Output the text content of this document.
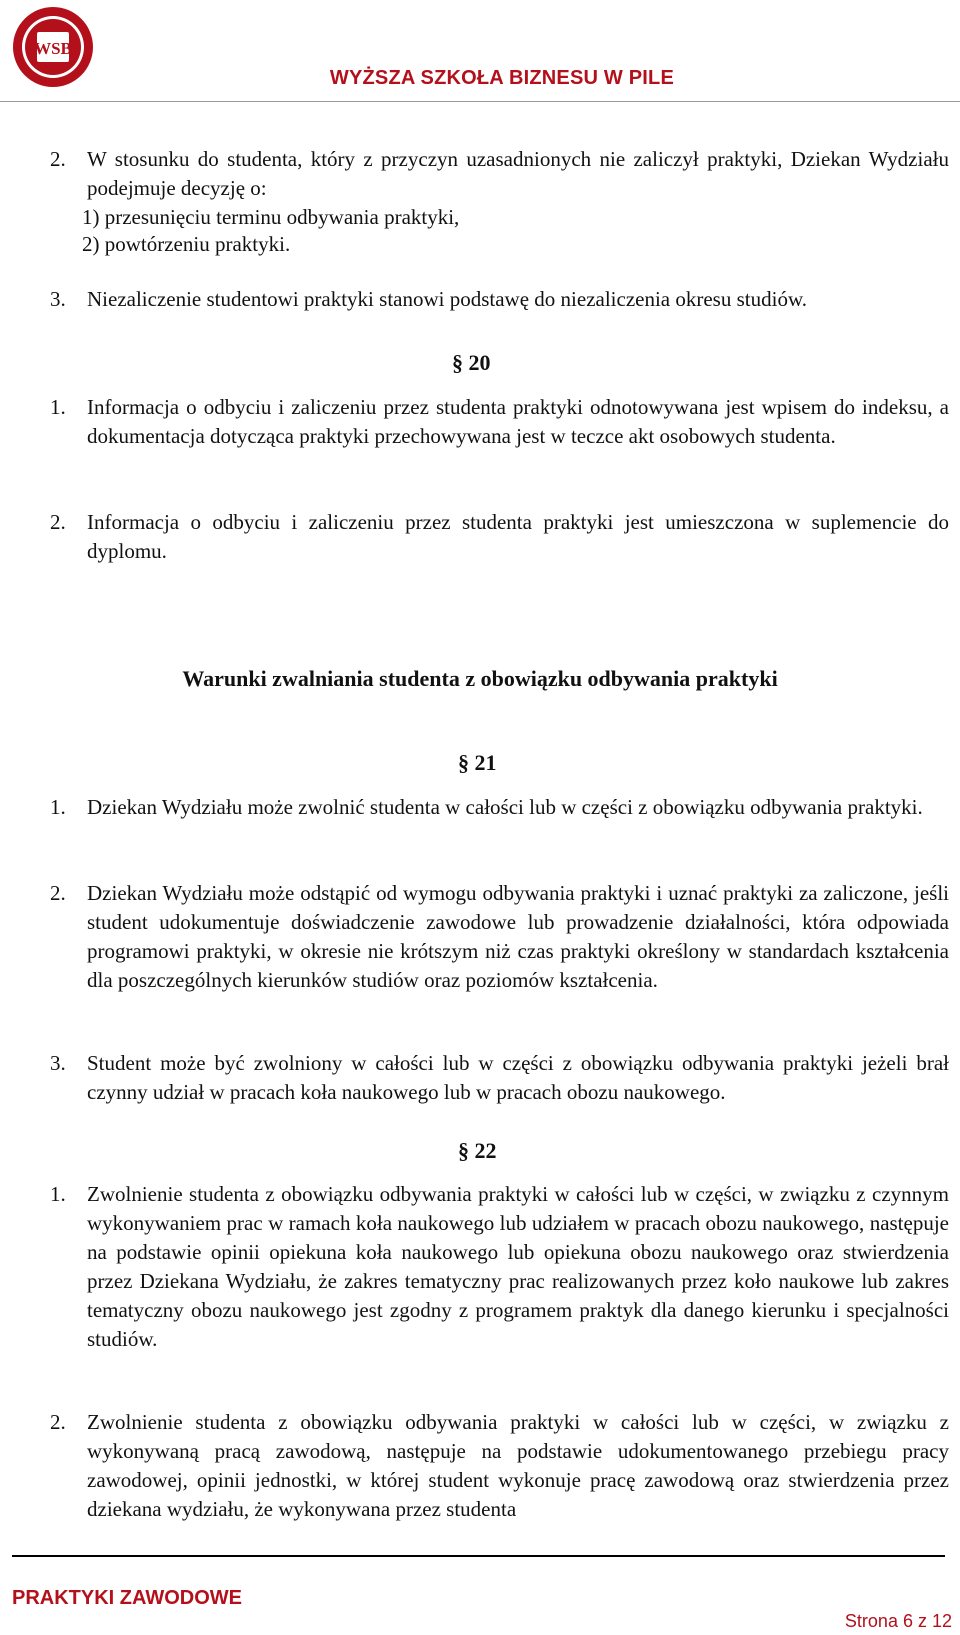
WSB
WYŻSZA SZKOŁA BIZNESU W PILE
2.	W stosunku do studenta, który z przyczyn uzasadnionych nie zaliczył praktyki, Dziekan Wydziału podejmuje decyzję o:
1) przesunięciu terminu odbywania praktyki,
2) powtórzeniu praktyki.
3.	Niezaliczenie studentowi praktyki stanowi podstawę do niezaliczenia okresu studiów.
§ 20
1.	Informacja o odbyciu i zaliczeniu przez studenta praktyki odnotowywana jest wpisem do indeksu, a dokumentacja dotycząca praktyki przechowywana jest w teczce akt osobowych studenta.
2.	Informacja o odbyciu i zaliczeniu przez studenta praktyki jest umieszczona w suplemencie do dyplomu.
Warunki zwalniania studenta z obowiązku odbywania praktyki
§ 21
1.	Dziekan Wydziału może zwolnić studenta w całości lub w części z obowiązku odbywania praktyki.
2.	Dziekan Wydziału może odstąpić od wymogu odbywania praktyki i uznać praktyki za zaliczone, jeśli student udokumentuje doświadczenie zawodowe lub prowadzenie działalności, która odpowiada programowi praktyki, w okresie nie krótszym niż czas praktyki określony w standardach kształcenia dla poszczególnych kierunków studiów oraz poziomów kształcenia.
3.	Student może być zwolniony w całości lub w części z obowiązku odbywania praktyki jeżeli brał czynny udział w pracach koła naukowego lub w pracach obozu naukowego.
§ 22
1.	Zwolnienie studenta z obowiązku odbywania praktyki w całości lub w części, w związku z czynnym wykonywaniem prac w ramach koła naukowego lub udziałem w pracach obozu naukowego, następuje na podstawie opinii opiekuna koła naukowego lub opiekuna obozu naukowego oraz stwierdzenia przez Dziekana Wydziału, że zakres tematyczny prac realizowanych przez koło naukowe lub zakres tematyczny obozu naukowego jest zgodny z programem praktyk dla danego kierunku i specjalności studiów.
2.	Zwolnienie studenta z obowiązku odbywania praktyki w całości lub w części, w związku z wykonywaną pracą zawodową, następuje na podstawie udokumentowanego przebiegu pracy zawodowej, opinii jednostki, w której student wykonuje pracę zawodową oraz stwierdzenia przez dziekana wydziału, że wykonywana przez studenta
PRAKTYKI ZAWODOWE
Strona 6 z 12
